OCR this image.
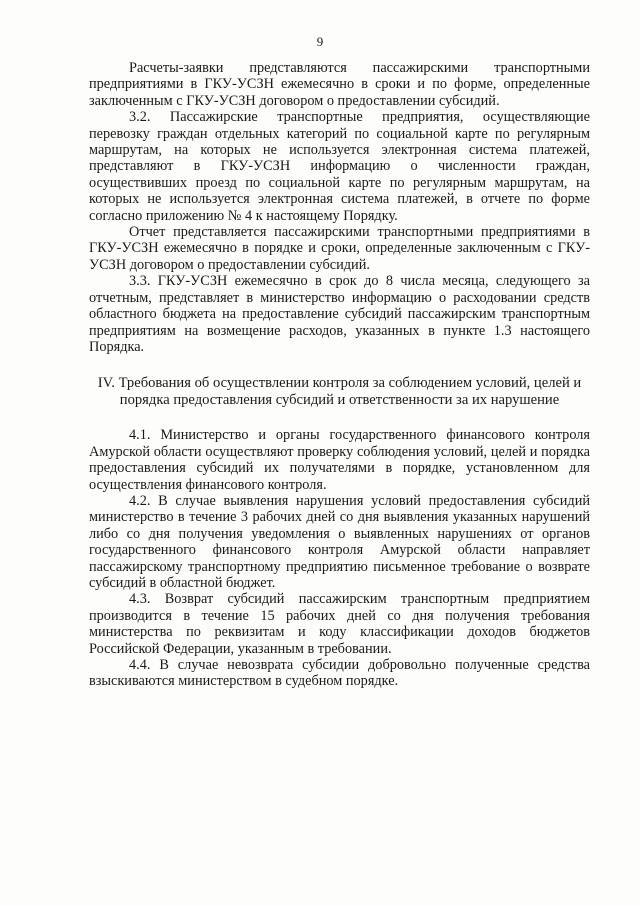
9

Расчеты-заявки представляются пассажирскими транспортными предприятиями в ГКУ-УСЗН ежемесячно в сроки и по форме, определенные заключенным с ГКУ-УСЗН договором о предоставлении субсидий.

3.2. Пассажирские транспортные предприятия, осуществляющие перевозку граждан отдельных категорий по социальной карте по регулярным маршрутам, на которых не используется электронная система платежей, представляют в ГКУ-УСЗН информацию о численности граждан, осуществивших проезд по социальной карте по регулярным маршрутам, на которых не используется электронная система платежей, в отчете по форме согласно приложению № 4 к настоящему Порядку.

Отчет представляется пассажирскими транспортными предприятиями в ГКУ-УСЗН ежемесячно в порядке и сроки, определенные заключенным с ГКУ-УСЗН договором о предоставлении субсидий.

3.3. ГКУ-УСЗН ежемесячно в срок до 8 числа месяца, следующего за отчетным, представляет в министерство информацию о расходовании средств областного бюджета на предоставление субсидий пассажирским транспортным предприятиям на возмещение расходов, указанных в пункте 1.3 настоящего Порядка.

IV. Требования об осуществлении контроля за соблюдением условий, целей и порядка предоставления субсидий и ответственности за их нарушение

4.1. Министерство и органы государственного финансового контроля Амурской области осуществляют проверку соблюдения условий, целей и порядка предоставления субсидий их получателями в порядке, установленном для осуществления финансового контроля.

4.2. В случае выявления нарушения условий предоставления субсидий министерство в течение 3 рабочих дней со дня выявления указанных нарушений либо со дня получения уведомления о выявленных нарушениях от органов государственного финансового контроля Амурской области направляет пассажирскому транспортному предприятию письменное требование о возврате субсидий в областной бюджет.

4.3. Возврат субсидий пассажирским транспортным предприятием производится в течение 15 рабочих дней со дня получения требования министерства по реквизитам и коду классификации доходов бюджетов Российской Федерации, указанным в требовании.

4.4. В случае невозврата субсидии добровольно полученные средства взыскиваются министерством в судебном порядке.
